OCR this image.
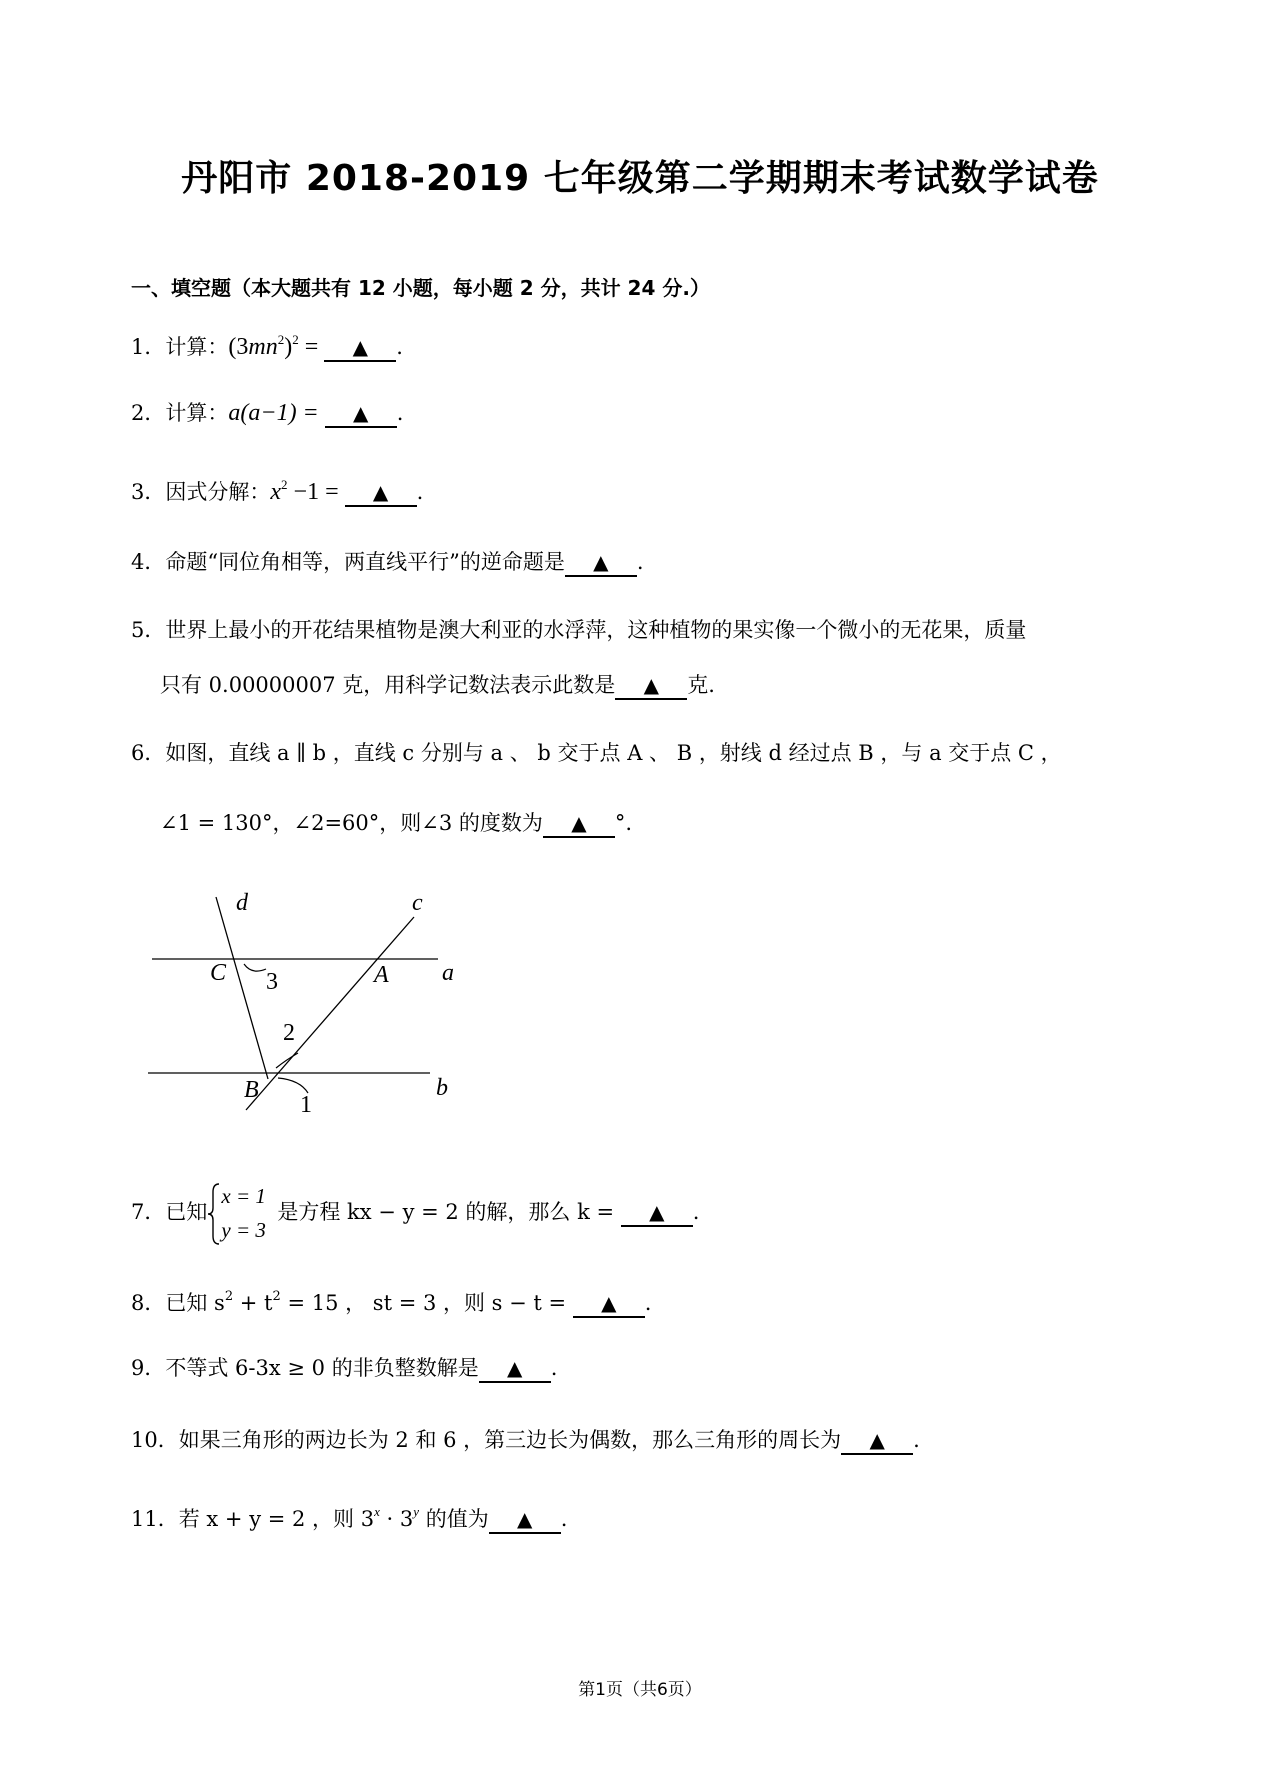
丹阳市 2018-2019 七年级第二学期期末考试数学试卷
一、填空题（本大题共有 12 小题，每小题 2 分，共计 24 分.）
1．计算：$(3mn^2)^2$ = ▲ .
2．计算：a(a−1) = ▲ .
3．因式分解：$x^2 -1$ = ▲ .
4．命题“同位角相等，两直线平行”的逆命题是 ▲ .
5．世界上最小的开花结果植物是澳大利亚的水浮萍，这种植物的果实像一个微小的无花果，质量
只有 0.00000007 克，用科学记数法表示此数是 ▲ 克.
6．如图，直线 a ∥ b ，直线 c 分别与 a 、 b 交于点 A 、 B ，射线 d 经过点 B ，与 a 交于点 C ，
∠1 = 130°，∠2=60°，则∠3 的度数为 ▲ °.
d	c
C 3	A a
2
b
B
1
7．已知
x = 1
y = 3
是方程 kx − y = 2 的解，那么 k = ▲ .
8．已知 $s^2 + t^2 = 15$ ， st = 3 ，则 s − t = ▲ .
9．不等式 6-3x ≥ 0 的非负整数解是 ▲ .
10．如果三角形的两边长为 2 和 6 ，第三边长为偶数，那么三角形的周长为 ▲ .
11．若 x + y = 2 ，则 $3^x \cdot 3^y$ 的值为 ▲ .
第1页（共6页）
